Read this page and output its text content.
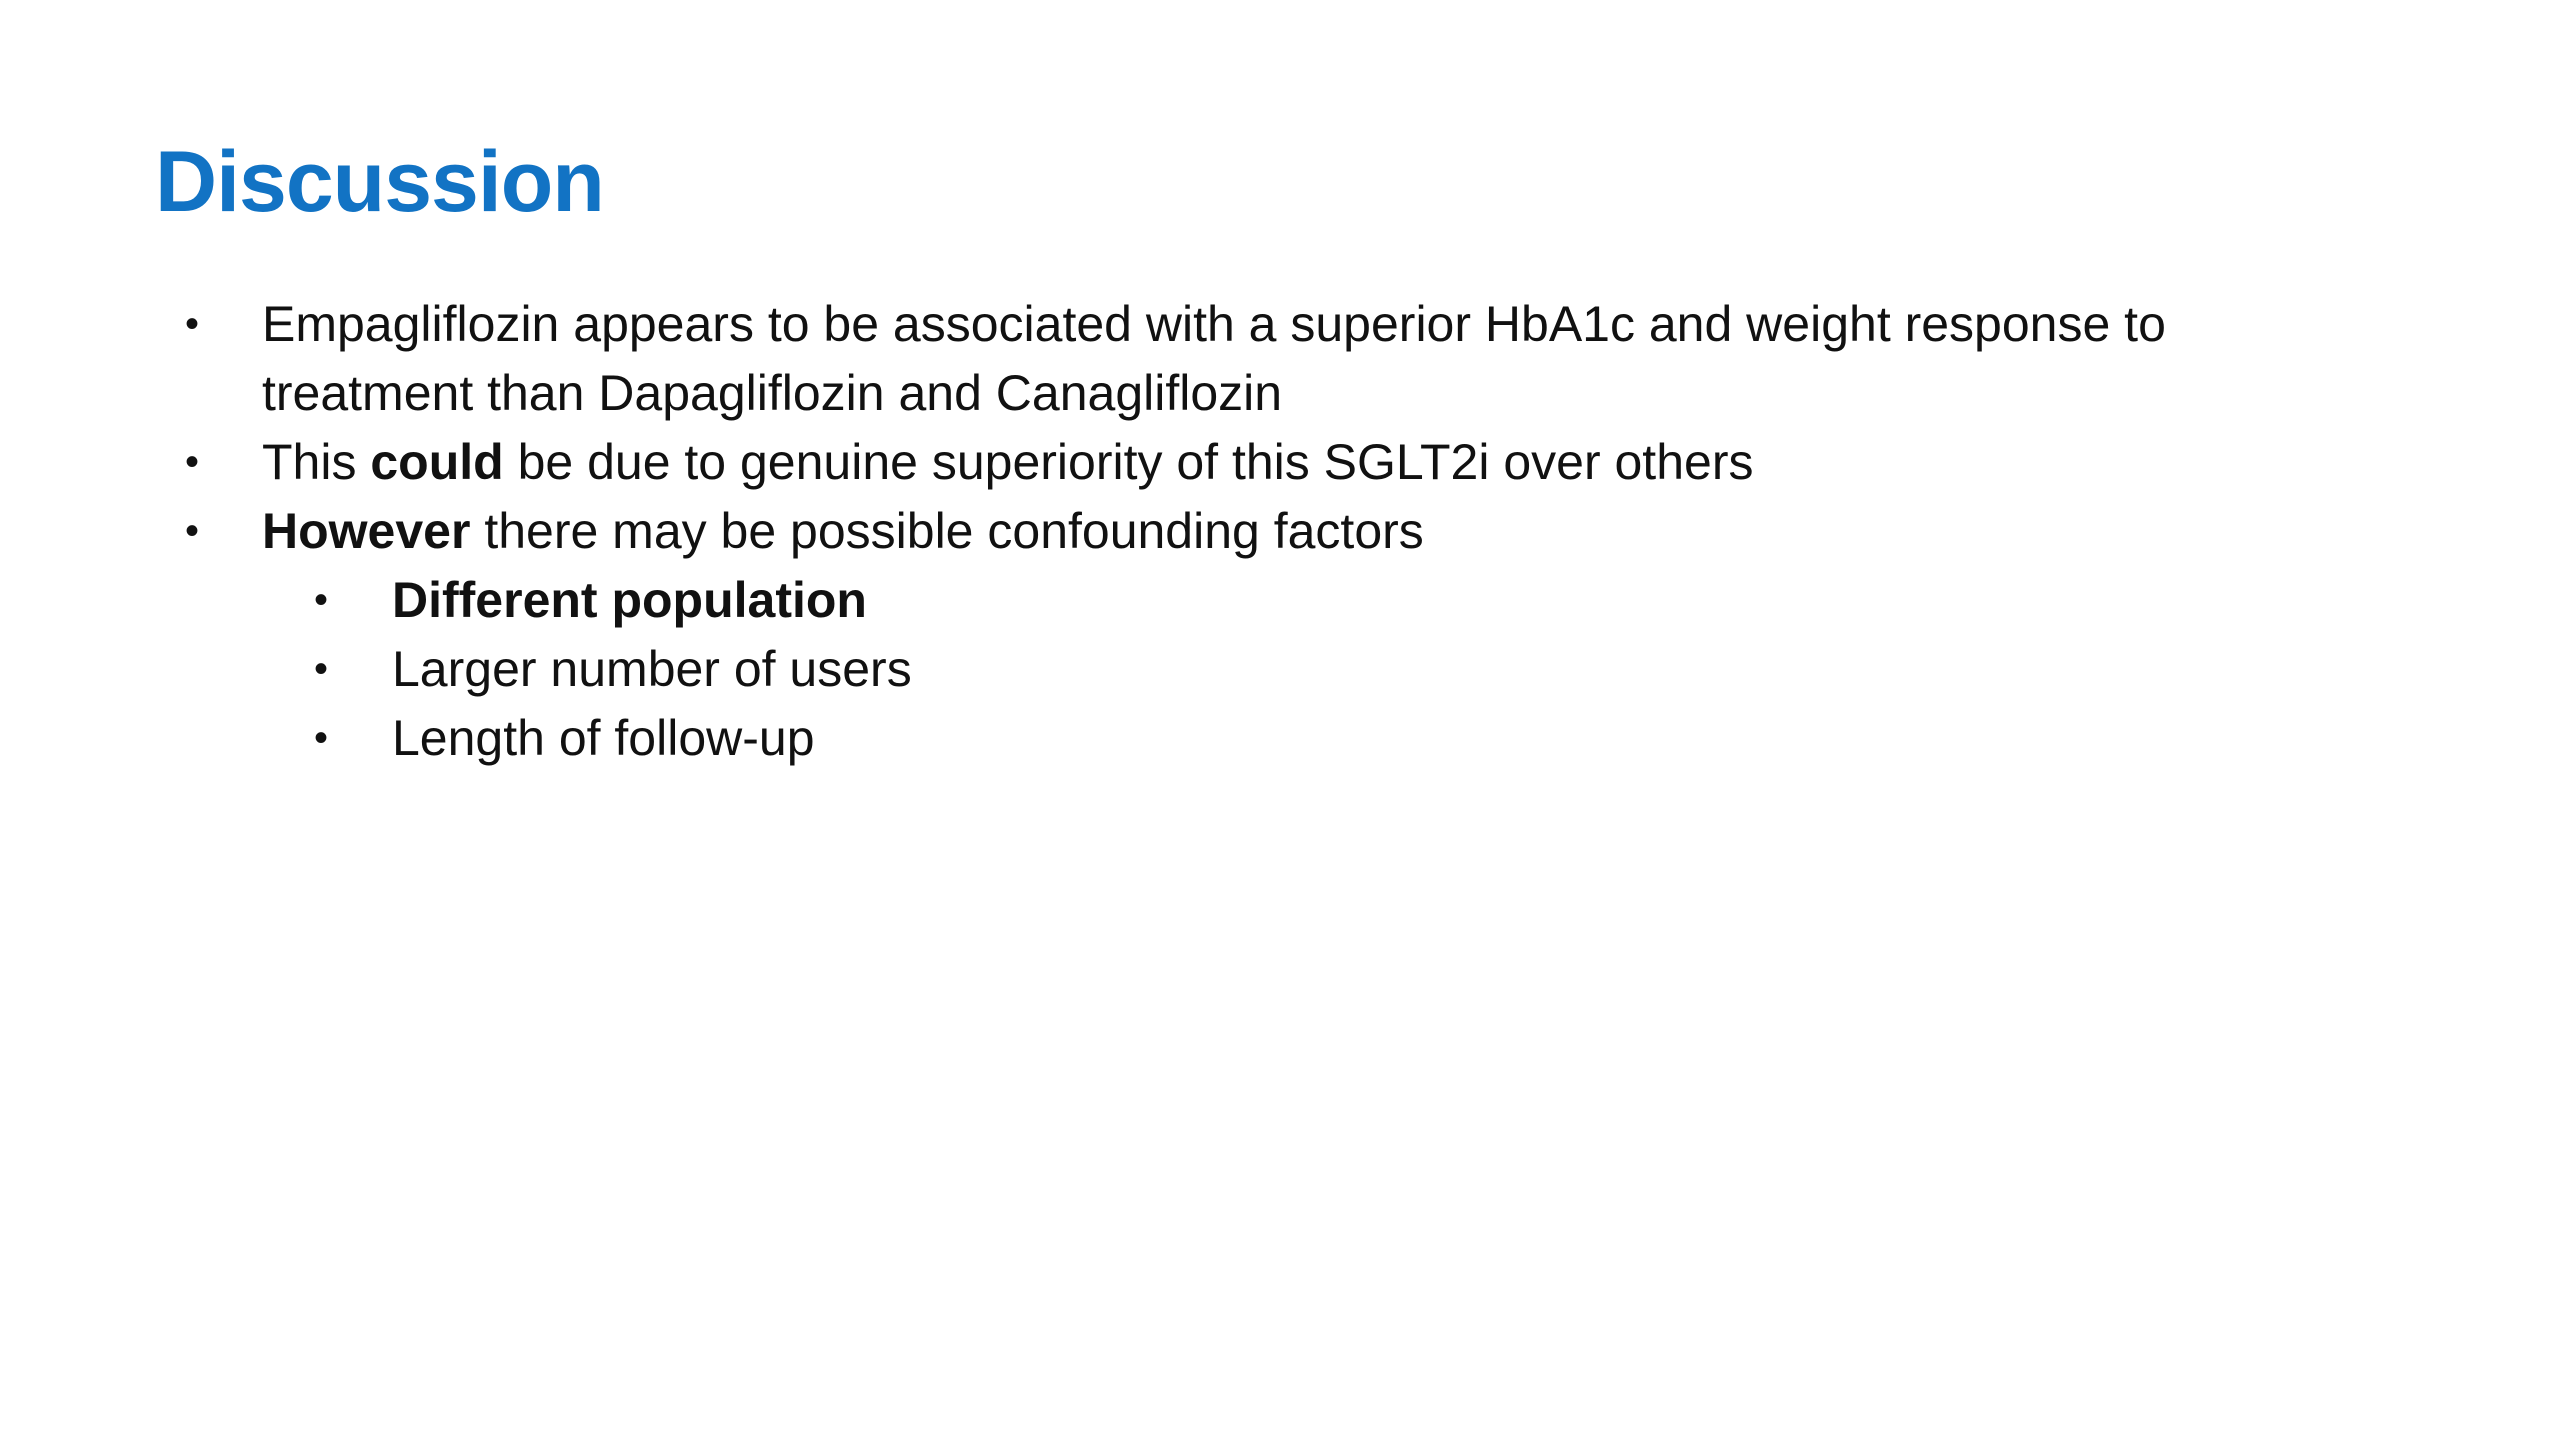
Discussion
• Empagliflozin appears to be associated with a superior HbA1c and weight response to
treatment than Dapagliflozin and Canagliflozin
• This could be due to genuine superiority of this SGLT2i over others
• However there may be possible confounding factors
• Different population
• Larger number of users
• Length of follow-up
